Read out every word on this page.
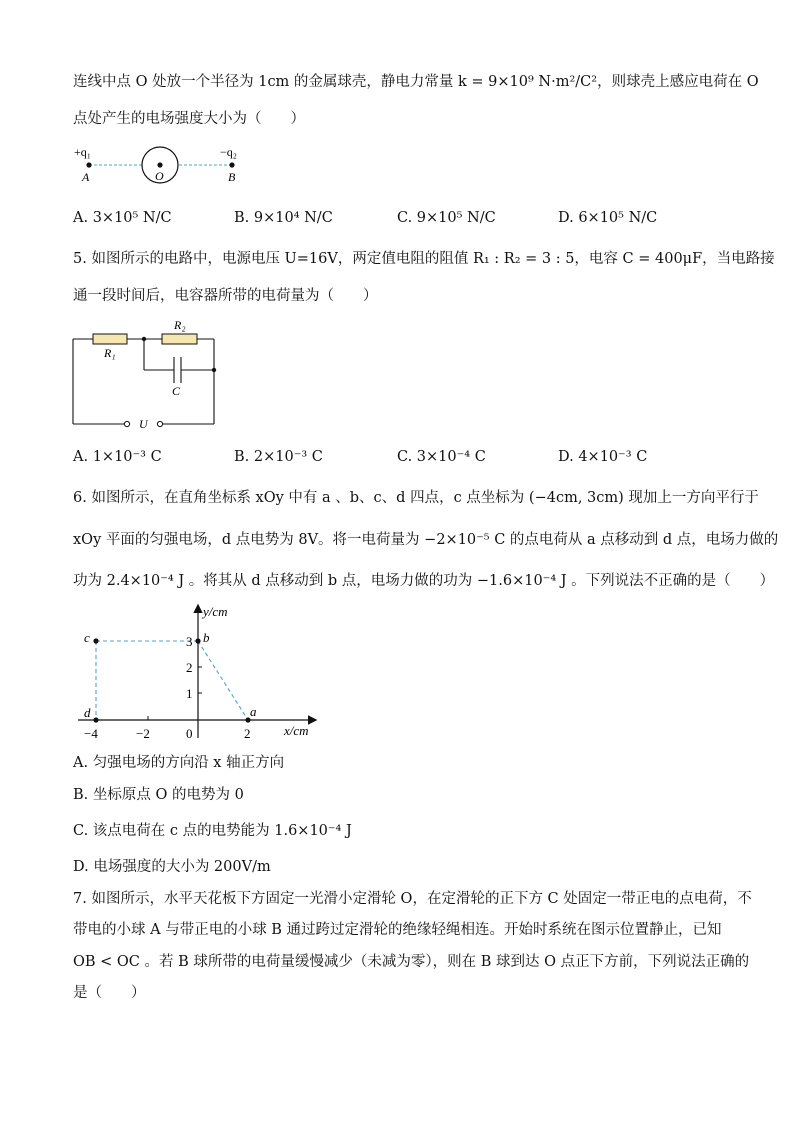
连线中点 O 处放一个半径为 1cm 的金属球壳，静电力常量 k = 9×10⁹ N·m²/C²，则球壳上感应电荷在 O
点处产生的电场强度大小为（　　）
+q₁	−q₂
A	B
O
A. 3×10⁵ N/C	B. 9×10⁴ N/C	C. 9×10⁵ N/C	D. 6×10⁵ N/C
5. 如图所示的电路中，电源电压 U=16V，两定值电阻的阻值 R₁ : R₂ = 3 : 5，电容 C = 400μF，当电路接
通一段时间后，电容器所带的电荷量为（　　）
R₁
R₂
C
U
A. 1×10⁻³ C	B. 2×10⁻³ C	C. 3×10⁻⁴ C	D. 4×10⁻³ C
6. 如图所示，在直角坐标系 xOy 中有 a 、b、c、d 四点，c 点坐标为 (−4cm, 3cm) 现加上一方向平行于
xOy 平面的匀强电场，d 点电势为 8V。将一电荷量为 −2×10⁻⁵ C 的点电荷从 a 点移动到 d 点，电场力做的
功为 2.4×10⁻⁴ J 。将其从 d 点移动到 b 点，电场力做的功为 −1.6×10⁻⁴ J 。下列说法不正确的是（　　）
y/cm
x/cm
−4	−2	0	2
1
2
3
c	b
d	a
A. 匀强电场的方向沿 x 轴正方向
B. 坐标原点 O 的电势为 0
C. 该点电荷在 c 点的电势能为 1.6×10⁻⁴ J
D. 电场强度的大小为 200V/m
7. 如图所示，水平天花板下方固定一光滑小定滑轮 O，在定滑轮的正下方 C 处固定一带正电的点电荷，不
带电的小球 A 与带正电的小球 B 通过跨过定滑轮的绝缘轻绳相连。开始时系统在图示位置静止，已知
OB < OC 。若 B 球所带的电荷量缓慢减少（未减为零），则在 B 球到达 O 点正下方前，下列说法正确的
是（　　）
